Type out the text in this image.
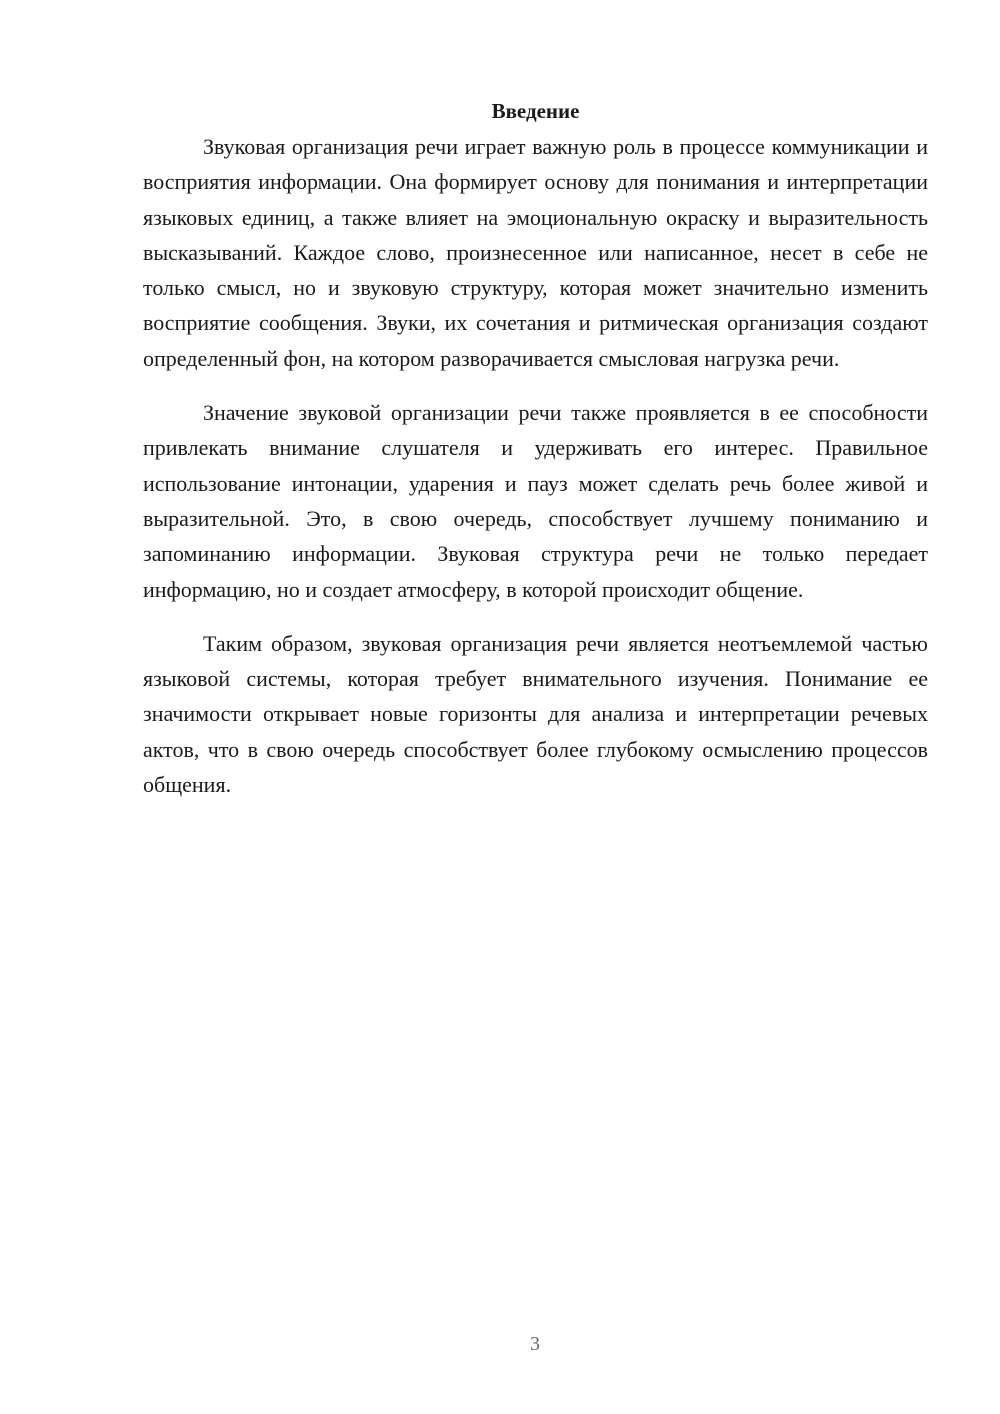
Введение

Звуковая организация речи играет важную роль в процессе коммуникации и восприятия информации. Она формирует основу для понимания и интерпретации языковых единиц, а также влияет на эмоциональную окраску и выразительность высказываний. Каждое слово, произнесенное или написанное, несет в себе не только смысл, но и звуковую структуру, которая может значительно изменить восприятие сообщения. Звуки, их сочетания и ритмическая организация создают определенный фон, на котором разворачивается смысловая нагрузка речи.

Значение звуковой организации речи также проявляется в ее способности привлекать внимание слушателя и удерживать его интерес. Правильное использование интонации, ударения и пауз может сделать речь более живой и выразительной. Это, в свою очередь, способствует лучшему пониманию и запоминанию информации. Звуковая структура речи не только передает информацию, но и создает атмосферу, в которой происходит общение.

Таким образом, звуковая организация речи является неотъемлемой частью языковой системы, которая требует внимательного изучения. Понимание ее значимости открывает новые горизонты для анализа и интерпретации речевых актов, что в свою очередь способствует более глубокому осмыслению процессов общения.

3
